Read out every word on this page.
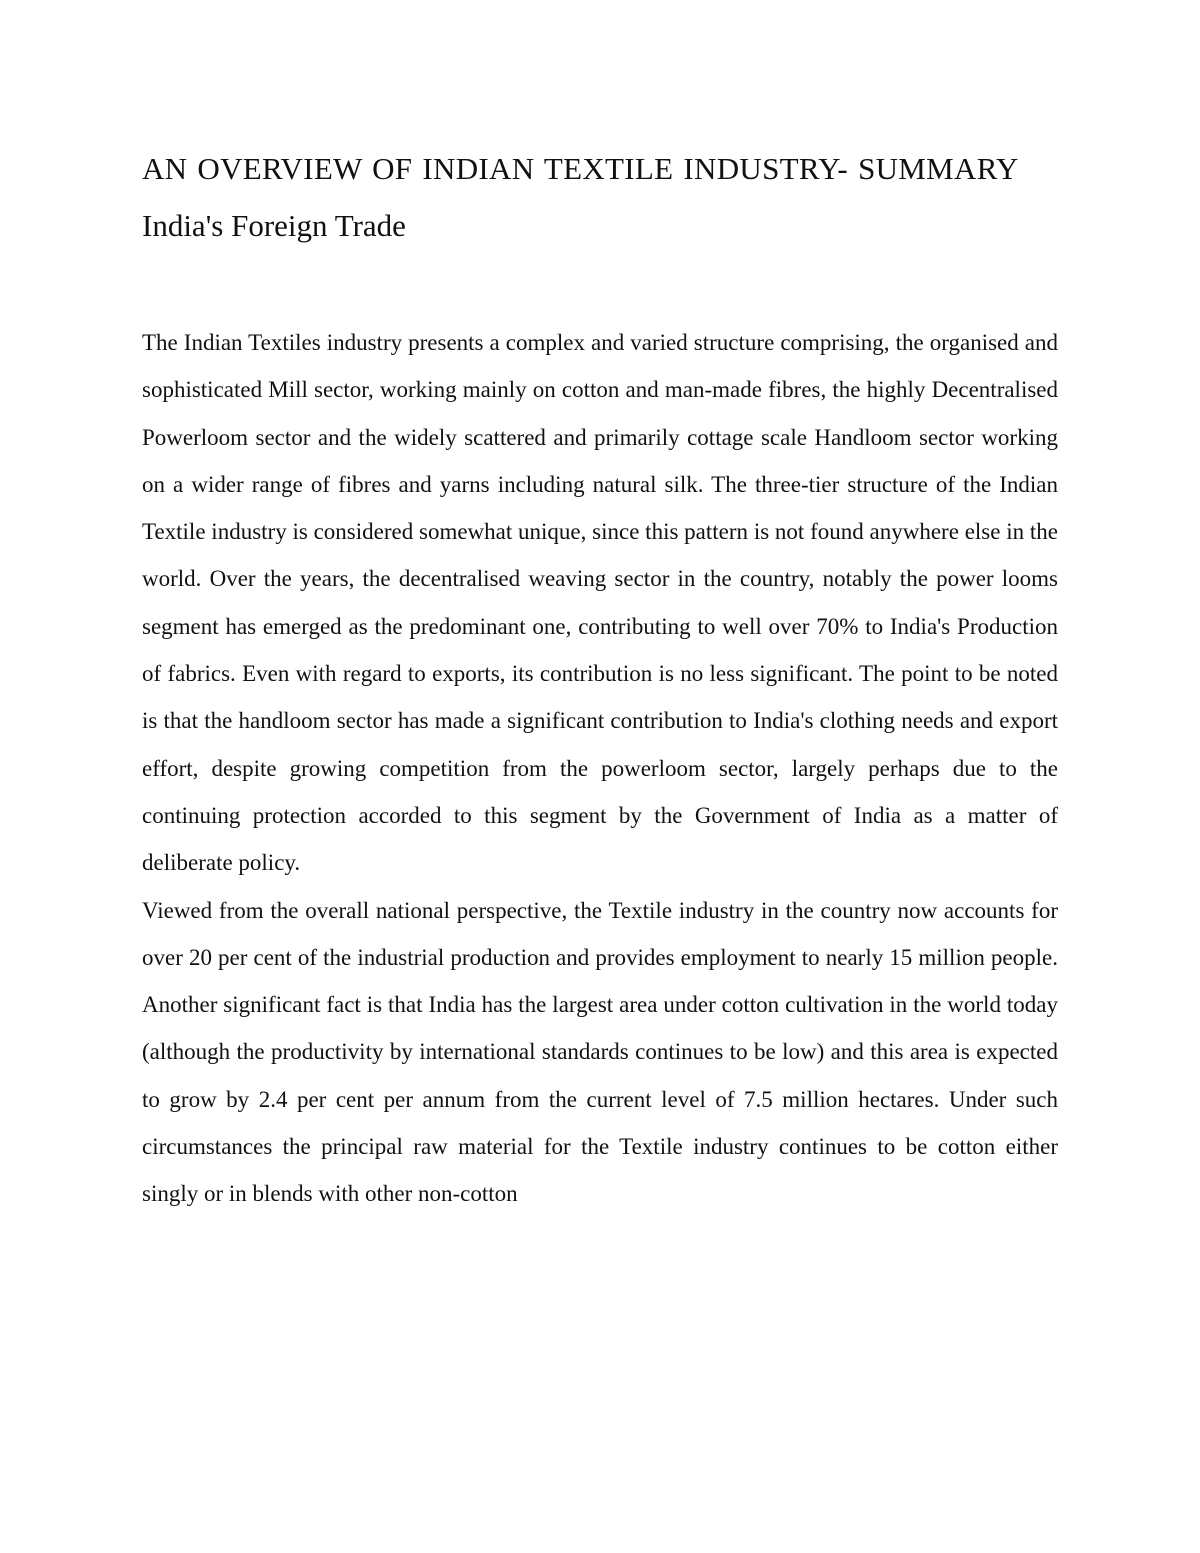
AN OVERVIEW OF INDIAN TEXTILE INDUSTRY- SUMMARY
India's Foreign Trade

The Indian Textiles industry presents a complex and varied structure comprising, the organised and sophisticated Mill sector, working mainly on cotton and man-made fibres, the highly Decentralised Powerloom sector and the widely scattered and primarily cottage scale Handloom sector working on a wider range of fibres and yarns including natural silk. The three-tier structure of the Indian Textile industry is considered somewhat unique, since this pattern is not found anywhere else in the world. Over the years, the decentralised weaving sector in the country, notably the power looms segment has emerged as the predominant one, contributing to well over 70% to India's Production of fabrics. Even with regard to exports, its contribution is no less significant. The point to be noted is that the handloom sector has made a significant contribution to India's clothing needs and export effort, despite growing competition from the powerloom sector, largely perhaps due to the continuing protection accorded to this segment by the Government of India as a matter of deliberate policy.

Viewed from the overall national perspective, the Textile industry in the country now accounts for over 20 per cent of the industrial production and provides employment to nearly 15 million people. Another significant fact is that India has the largest area under cotton cultivation in the world today (although the productivity by international standards continues to be low) and this area is expected to grow by 2.4 per cent per annum from the current level of 7.5 million hectares. Under such circumstances the principal raw material for the Textile industry continues to be cotton either singly or in blends with other non-cotton
